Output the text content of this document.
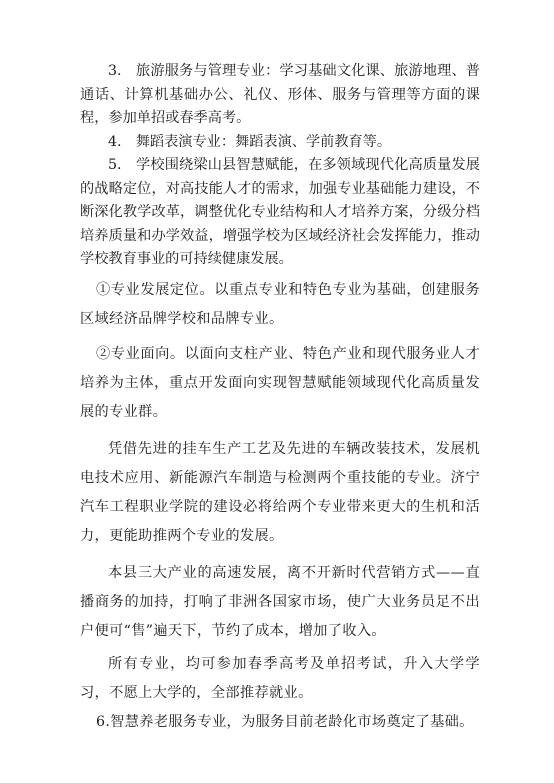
3.　旅游服务与管理专业：学习基础文化课、旅游地理、普通话、计算机基础办公、礼仪、形体、服务与管理等方面的课程，参加单招或春季高考。

4.　舞蹈表演专业：舞蹈表演、学前教育等。

5.　学校围绕梁山县智慧赋能，在多领域现代化高质量发展的战略定位，对高技能人才的需求，加强专业基础能力建设，不断深化教学改革，调整优化专业结构和人才培养方案，分级分档培养质量和办学效益，增强学校为区域经济社会发挥能力，推动学校教育事业的可持续健康发展。

①专业发展定位。以重点专业和特色专业为基础，创建服务区域经济品牌学校和品牌专业。

②专业面向。以面向支柱产业、特色产业和现代服务业人才培养为主体，重点开发面向实现智慧赋能领域现代化高质量发展的专业群。

凭借先进的挂车生产工艺及先进的车辆改装技术，发展机电技术应用、新能源汽车制造与检测两个重技能的专业。济宁汽车工程职业学院的建设必将给两个专业带来更大的生机和活力，更能助推两个专业的发展。

本县三大产业的高速发展，离不开新时代营销方式——直播商务的加持，打响了非洲各国家市场，使广大业务员足不出户便可“售”遍天下，节约了成本，增加了收入。

所有专业，均可参加春季高考及单招考试，升入大学学习，不愿上大学的，全部推荐就业。

6.智慧养老服务专业，为服务目前老龄化市场奠定了基础。
